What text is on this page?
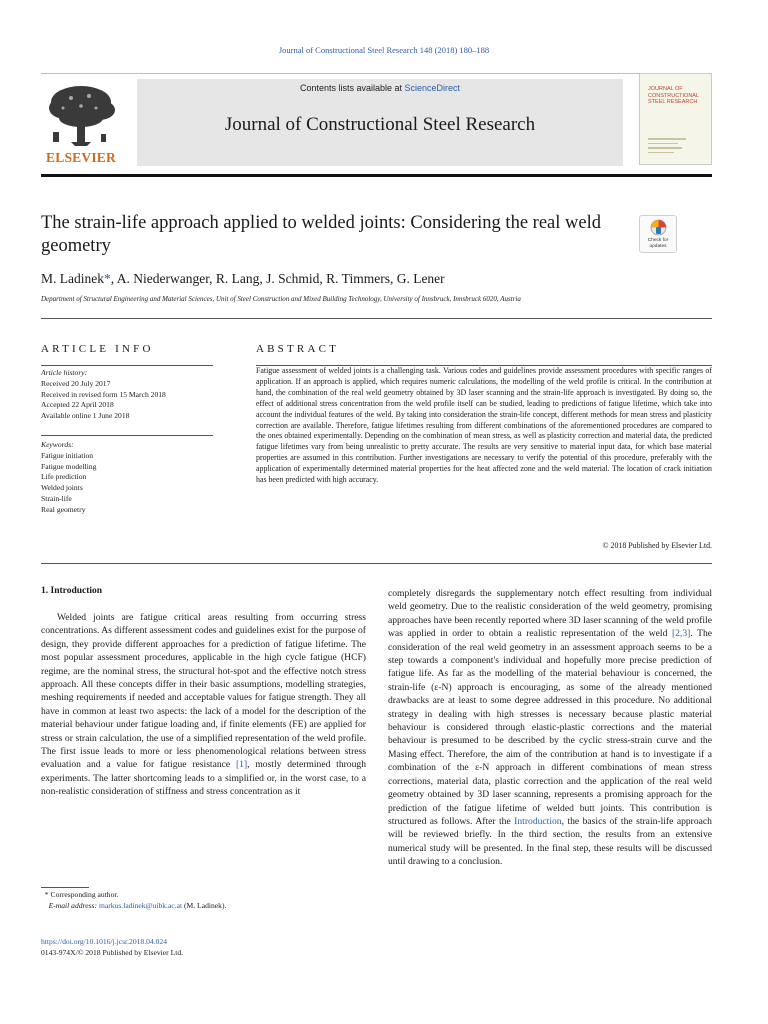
Journal of Constructional Steel Research 148 (2018) 180–188
ELSEVIER
Contents lists available at ScienceDirect
Journal of Constructional Steel Research
JOURNAL OF CONSTRUCTIONAL STEEL RESEARCH
The strain-life approach applied to welded joints: Considering the real weld geometry	Check for updates
M. Ladinek*, A. Niederwanger, R. Lang, J. Schmid, R. Timmers, G. Lener
Department of Structural Engineering and Material Sciences, Unit of Steel Construction and Mixed Building Technology, University of Innsbruck, Innsbruck 6020, Austria
ARTICLE INFO	ABSTRACT
Article history:
Received 20 July 2017
Received in revised form 15 March 2018
Accepted 22 April 2018
Available online 1 June 2018
Keywords:
Fatigue initiation
Fatigue modelling
Life prediction
Welded joints
Strain-life
Real geometry
Fatigue assessment of welded joints is a challenging task. Various codes and guidelines provide assessment procedures with specific ranges of application. If an approach is applied, which requires numeric calculations, the modelling of the weld profile is critical. In the contribution at hand, the combination of the real weld geometry obtained by 3D laser scanning and the strain-life approach is investigated. By doing so, the effect of additional stress concentration from the weld profile itself can be studied, leading to predictions of fatigue lifetime, which take into account the individual features of the weld. By taking into consideration the strain-life concept, different methods for mean stress and plasticity correction are available. Therefore, fatigue lifetimes resulting from different combinations of the aforementioned procedures are compared to the ones obtained experimentally. Depending on the combination of mean stress, as well as plasticity correction and material data, the predicted fatigue lifetimes vary from being unrealistic to pretty accurate. The results are very sensitive to material input data, for which base material properties are assumed in this contribution. Further investigations are necessary to verify the potential of this procedure, preferably with the application of experimentally determined material properties for the heat affected zone and the weld material. The location of crack initiation has been predicted with high accuracy.
© 2018 Published by Elsevier Ltd.
1. Introduction
Welded joints are fatigue critical areas resulting from occurring stress concentrations. As different assessment codes and guidelines exist for the purpose of design, they provide different approaches for a prediction of fatigue lifetime. The most popular assessment procedures, applicable in the high cycle fatigue (HCF) regime, are the nominal stress, the structural hot-spot and the effective notch stress approach. All these concepts differ in their basic assumptions, modelling strategies, meshing requirements if needed and acceptable values for fatigue strength. They all have in common at least two aspects: the lack of a model for the description of the material behaviour under fatigue loading and, if finite elements (FE) are applied for stress or strain calculation, the use of a simplified representation of the weld profile. The first issue leads to more or less phenomenological relations between stress evaluation and a value for fatigue resistance [1], mostly determined through experiments. The latter shortcoming leads to a simplified or, in the worst case, to a non-realistic consideration of stiffness and stress concentration as it
completely disregards the supplementary notch effect resulting from individual weld geometry. Due to the realistic consideration of the weld geometry, promising approaches have been recently reported where 3D laser scanning of the weld profile was applied in order to obtain a realistic representation of the weld [2,3]. The consideration of the real weld geometry in an assessment approach seems to be a step towards a component's individual and hopefully more precise prediction of fatigue life. As far as the modelling of the material behaviour is concerned, the strain-life (ε-N) approach is encouraging, as some of the already mentioned drawbacks are at least to some degree addressed in this procedure. No additional strategy in dealing with high stresses is necessary because plastic material behaviour is considered through elastic-plastic corrections and the material behaviour is presumed to be described by the cyclic stress-strain curve and the Masing effect. Therefore, the aim of the contribution at hand is to investigate if a combination of the ε-N approach in different combinations of mean stress corrections, material data, plastic correction and the application of the real weld geometry obtained by 3D laser scanning, represents a promising approach for the prediction of the fatigue lifetime of welded butt joints. This contribution is structured as follows. After the Introduction, the basics of the strain-life approach will be reviewed briefly. In the third section, the results from an extensive numerical study will be presented. In the final step, these results will be discussed until drawing to a conclusion.
* Corresponding author.
E-mail address: markus.ladinek@uibk.ac.at (M. Ladinek).
https://doi.org/10.1016/j.jcsr.2018.04.024
0143-974X/© 2018 Published by Elsevier Ltd.
